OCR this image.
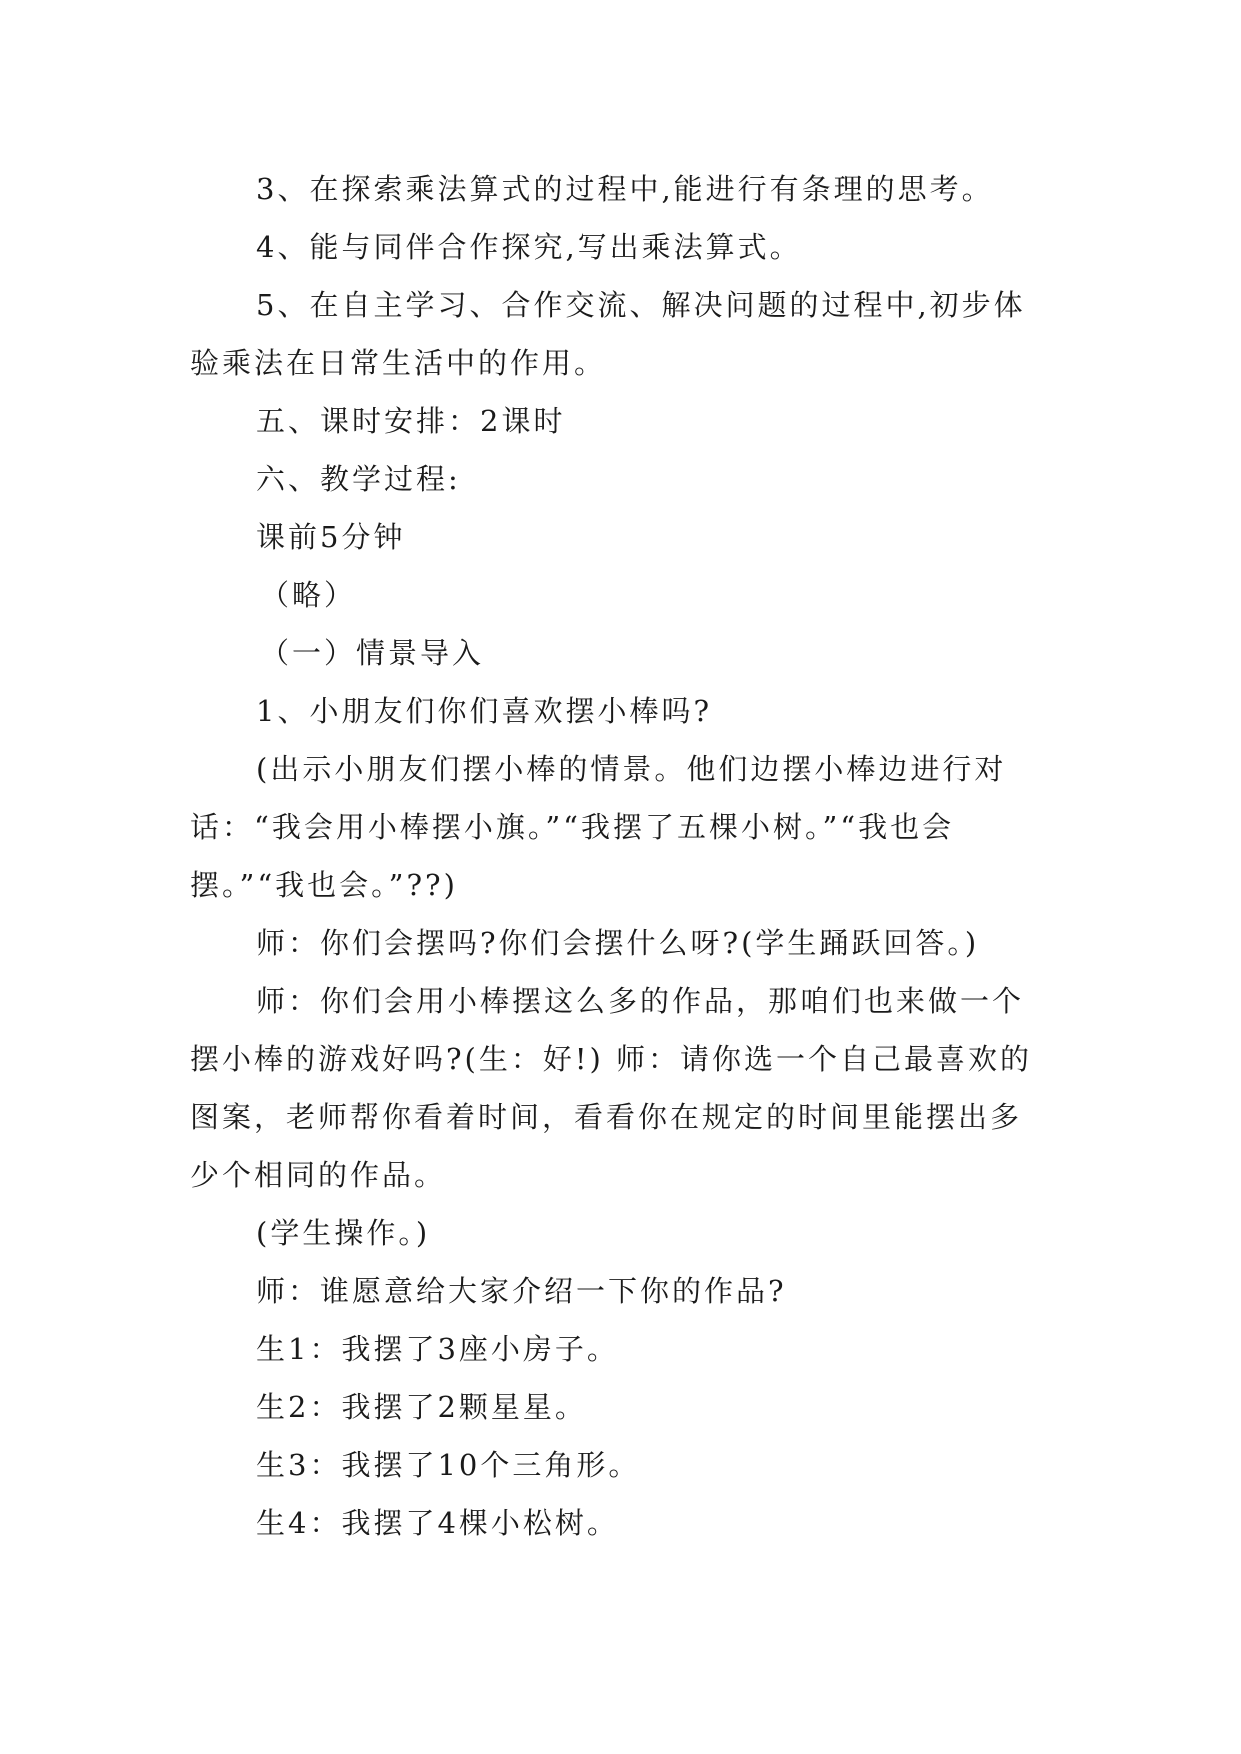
3、在探索乘法算式的过程中,能进行有条理的思考。

4、能与同伴合作探究,写出乘法算式。

5、在自主学习、合作交流、解决问题的过程中,初步体验乘法在日常生活中的作用。

五、课时安排：2课时

六、教学过程:

课前5分钟

（略）

（一）情景导入

1、小朋友们你们喜欢摆小棒吗?

(出示小朋友们摆小棒的情景。他们边摆小棒边进行对话：“我会用小棒摆小旗。”“我摆了五棵小树。”“我也会摆。”“我也会。”??)

师：你们会摆吗?你们会摆什么呀?(学生踊跃回答。)

师：你们会用小棒摆这么多的作品，那咱们也来做一个摆小棒的游戏好吗?(生：好!) 师：请你选一个自己最喜欢的图案，老师帮你看着时间，看看你在规定的时间里能摆出多少个相同的作品。

(学生操作。)

师：谁愿意给大家介绍一下你的作品?

生1：我摆了3座小房子。

生2：我摆了2颗星星。

生3：我摆了10个三角形。

生4：我摆了4棵小松树。
